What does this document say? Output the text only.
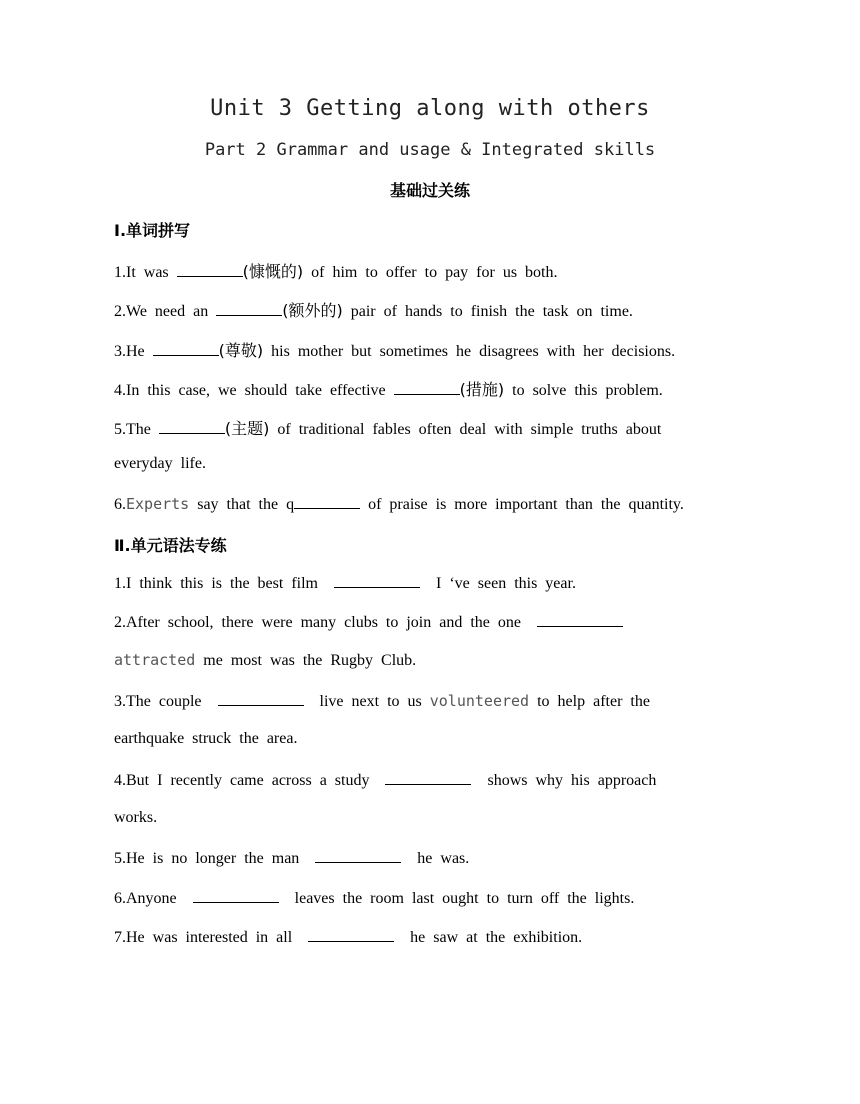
Unit 3 Getting along with others
Part 2 Grammar and usage & Integrated skills
基础过关练
Ⅰ.单词拼写
1.It was	(慷慨的) of him to offer to pay for us both.
2.We need an	(额外的) pair of hands to finish the task on time.
3.He	(尊敬) his mother but sometimes he disagrees with her decisions.
4.In this case, we should take effective	(措施) to solve this problem.
5.The	(主题) of traditional fables often deal with simple truths about
everyday life.
6.Experts say that the q	of praise is more important than the quantity.
Ⅱ.单元语法专练
1.I think this is the best film	I ‘ve seen this year.
2.After school, there were many clubs to join and the one
attracted me most was the Rugby Club.
3.The couple	live next to us volunteered to help after the
earthquake struck the area.
4.But I recently came across a study	shows why his approach
works.
5.He is no longer the man	he was.
6.Anyone	leaves the room last ought to turn off the lights.
7.He was interested in all	he saw at the exhibition.
